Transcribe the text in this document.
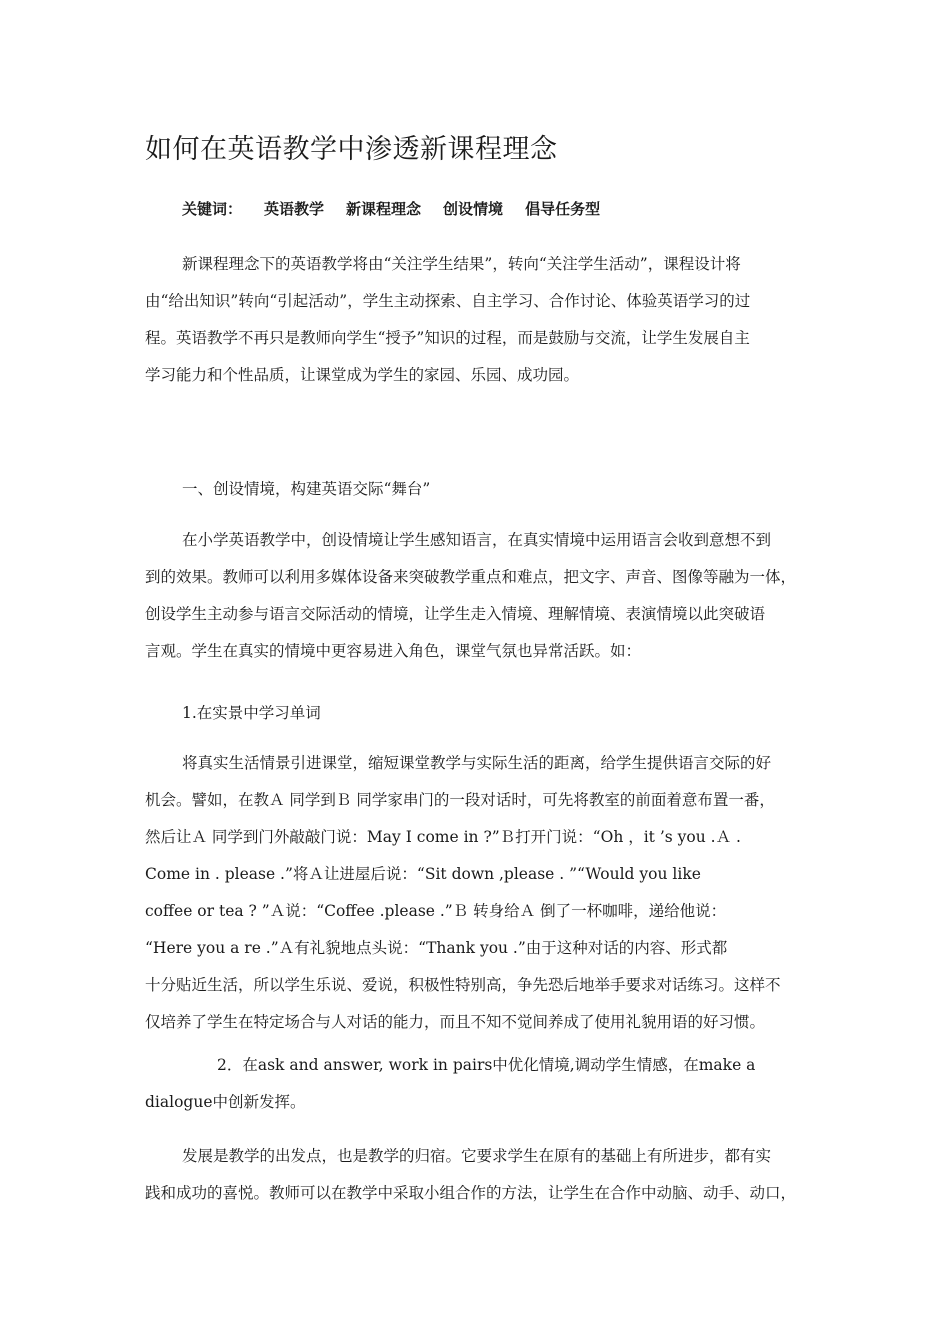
如何在英语教学中渗透新课程理念
关键词： 英语教学 新课程理念 创设情境 倡导任务型
新课程理念下的英语教学将由“关注学生结果”，转向“关注学生活动”，课程设计将
由“给出知识”转向“引起活动”，学生主动探索、自主学习、合作讨论、体验英语学习的过
程。英语教学不再只是教师向学生“授予”知识的过程，而是鼓励与交流，让学生发展自主
学习能力和个性品质，让课堂成为学生的家园、乐园、成功园。
一、创设情境，构建英语交际“舞台”
在小学英语教学中，创设情境让学生感知语言，在真实情境中运用语言会收到意想不到
到的效果。教师可以利用多媒体设备来突破教学重点和难点，把文字、声音、图像等融为一体，
创设学生主动参与语言交际活动的情境，让学生走入情境、理解情境、表演情境以此突破语
言观。学生在真实的情境中更容易进入角色，课堂气氛也异常活跃。如：
1.在实景中学习单词
将真实生活情景引进课堂，缩短课堂教学与实际生活的距离，给学生提供语言交际的好
机会。譬如，在教Ａ 同学到Ｂ 同学家串门的一段对话时，可先将教室的前面着意布置一番，
然后让Ａ 同学到门外敲敲门说：May I come in ?”Ｂ打开门说：“Oh ，it ’s you .Ａ .
Come in . please .”将Ａ让进屋后说：“Sit down ,please . ”“Would you like
coffee or tea ? ”Ａ说：“Coffee .please .”Ｂ 转身给Ａ 倒了一杯咖啡，递给他说：
“Here you a re .”Ａ有礼貌地点头说：“Thank you .”由于这种对话的内容、形式都
十分贴近生活，所以学生乐说、爱说，积极性特别高，争先恐后地举手要求对话练习。这样不
仅培养了学生在特定场合与人对话的能力，而且不知不觉间养成了使用礼貌用语的好习惯。
2．在ask and answer, work in pairs中优化情境,调动学生情感，在make a
dialogue中创新发挥。
发展是教学的出发点，也是教学的归宿。它要求学生在原有的基础上有所进步，都有实
践和成功的喜悦。教师可以在教学中采取小组合作的方法，让学生在合作中动脑、动手、动口，
